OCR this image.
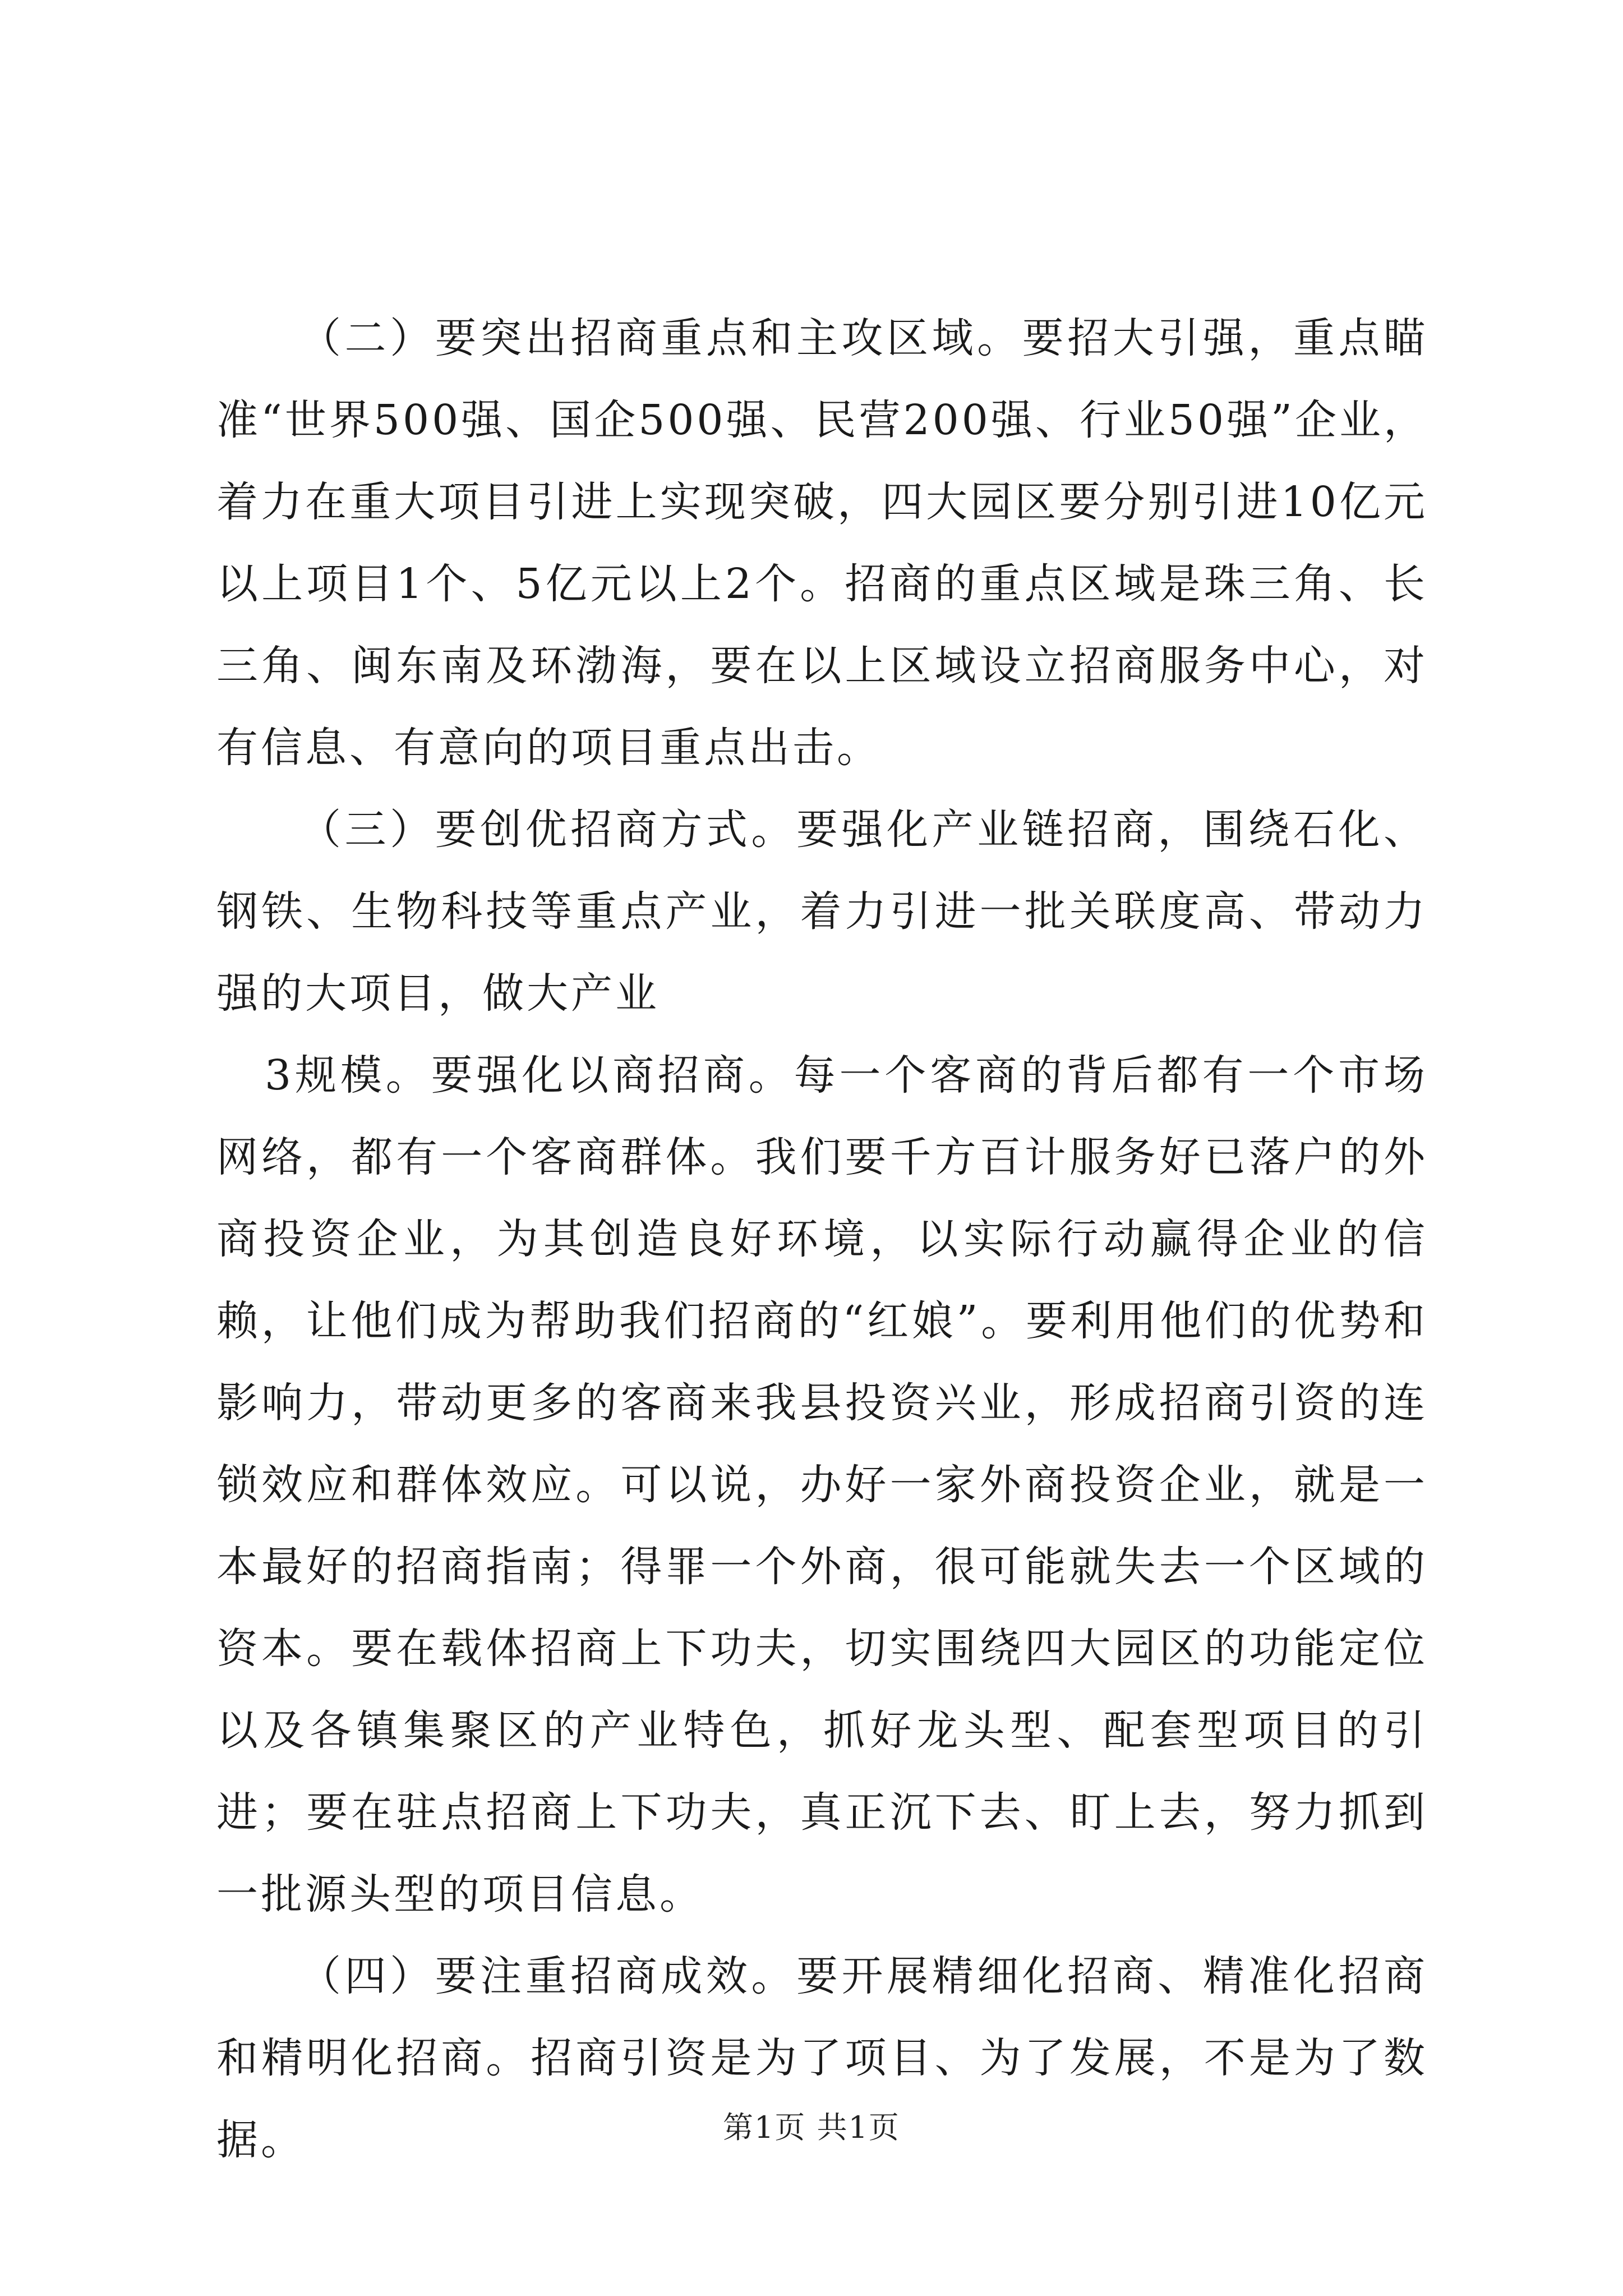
（二）要突出招商重点和主攻区域。要招大引强，重点瞄准“世界500强、国企500强、民营200强、行业50强”企业，着力在重大项目引进上实现突破，四大园区要分别引进10亿元以上项目1个、5亿元以上2个。招商的重点区域是珠三角、长三角、闽东南及环渤海，要在以上区域设立招商服务中心，对有信息、有意向的项目重点出击。

（三）要创优招商方式。要强化产业链招商，围绕石化、钢铁、生物科技等重点产业，着力引进一批关联度高、带动力强的大项目，做大产业

3规模。要强化以商招商。每一个客商的背后都有一个市场网络，都有一个客商群体。我们要千方百计服务好已落户的外商投资企业，为其创造良好环境，以实际行动赢得企业的信赖，让他们成为帮助我们招商的“红娘”。要利用他们的优势和影响力，带动更多的客商来我县投资兴业，形成招商引资的连锁效应和群体效应。可以说，办好一家外商投资企业，就是一本最好的招商指南；得罪一个外商，很可能就失去一个区域的资本。要在载体招商上下功夫，切实围绕四大园区的功能定位以及各镇集聚区的产业特色，抓好龙头型、配套型项目的引进；要在驻点招商上下功夫，真正沉下去、盯上去，努力抓到一批源头型的项目信息。

（四）要注重招商成效。要开展精细化招商、精准化招商和精明化招商。招商引资是为了项目、为了发展，不是为了数据。	第1页 共1页
